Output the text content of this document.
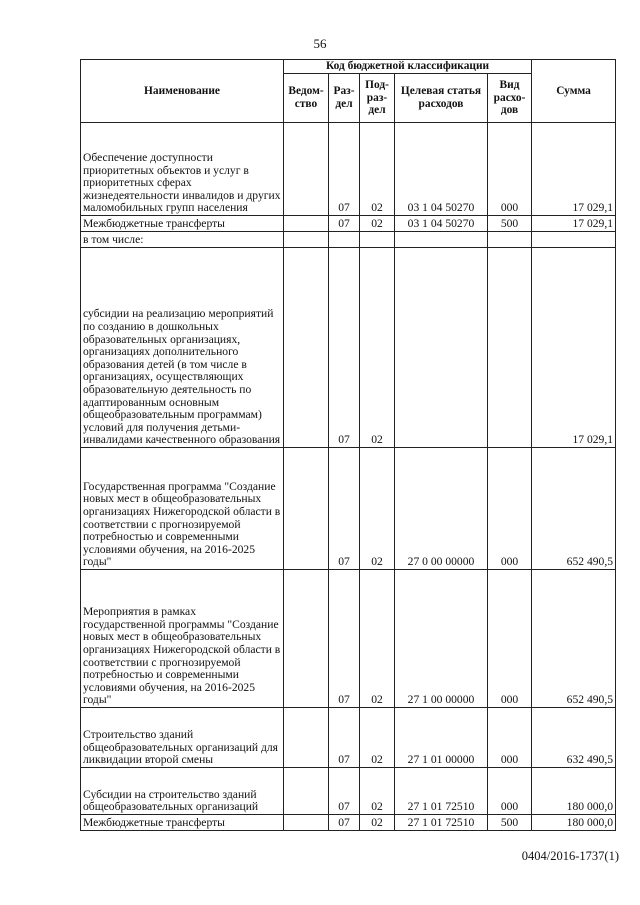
56
Наименование	Код бюджетной классификации					Сумма
	Ведом-ство	Раз-дел	Под-раз-дел	Целевая статья расходов	Вид расхо-дов	
Обеспечение доступности приоритетных объектов и услуг в приоритетных сферах жизнедеятельности инвалидов и других маломобильных групп населения		07	02	03 1 04 50270	000	17 029,1
Межбюджетные трансферты		07	02	03 1 04 50270	500	17 029,1
в том числе:						
субсидии на реализацию мероприятий по созданию в дошкольных образовательных организациях, организациях дополнительного образования детей (в том числе в организациях, осуществляющих образовательную деятельность по адаптированным основным общеобразовательным программам) условий для получения детьми-инвалидами качественного образования		07	02			17 029,1
Государственная программа "Создание новых мест в общеобразовательных организациях Нижегородской области в соответствии с прогнозируемой потребностью и современными условиями обучения, на 2016-2025 годы"		07	02	27 0 00 00000	000	652 490,5
Мероприятия в рамках государственной программы "Создание новых мест в общеобразовательных организациях Нижегородской области в соответствии с прогнозируемой потребностью и современными условиями обучения, на 2016-2025 годы"		07	02	27 1 00 00000	000	652 490,5
Строительство зданий общеобразовательных организаций для ликвидации второй смены		07	02	27 1 01 00000	000	632 490,5
Субсидии на строительство зданий общеобразовательных организаций		07	02	27 1 01 72510	000	180 000,0
Межбюджетные трансферты		07	02	27 1 01 72510	500	180 000,0
0404/2016-1737(1)
